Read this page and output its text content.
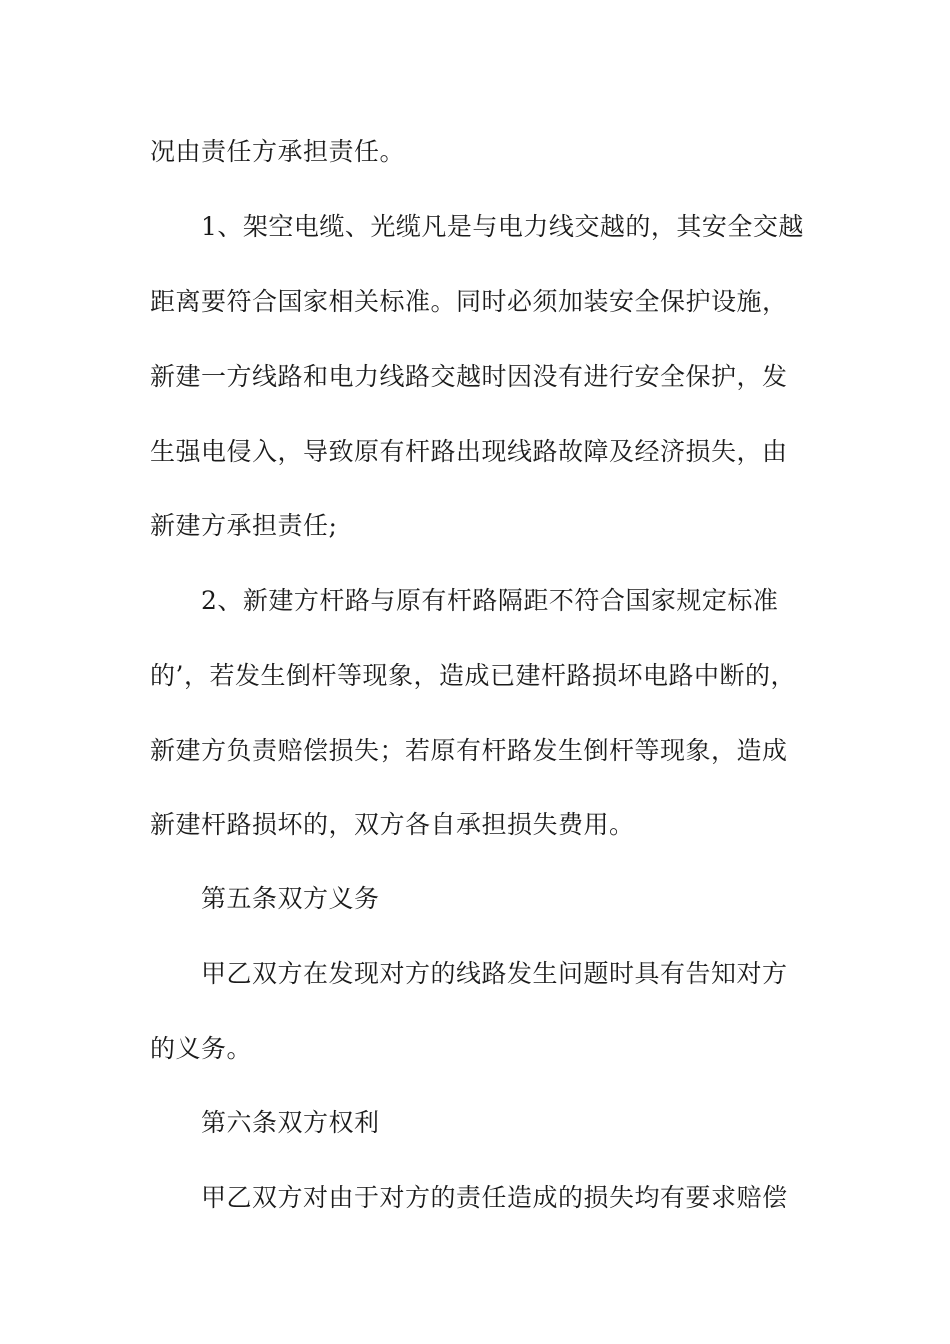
况由责任方承担责任。
1、架空电缆、光缆凡是与电力线交越的，其安全交越
距离要符合国家相关标准。同时必须加装安全保护设施，
新建一方线路和电力线路交越时因没有进行安全保护，发
生强电侵入，导致原有杆路出现线路故障及经济损失，由
新建方承担责任;
2、新建方杆路与原有杆路隔距不符合国家规定标准
的’，若发生倒杆等现象，造成已建杆路损坏电路中断的，
新建方负责赔偿损失；若原有杆路发生倒杆等现象，造成
新建杆路损坏的，双方各自承担损失费用。
第五条双方义务
甲乙双方在发现对方的线路发生问题时具有告知对方
的义务。
第六条双方权利
甲乙双方对由于对方的责任造成的损失均有要求赔偿
